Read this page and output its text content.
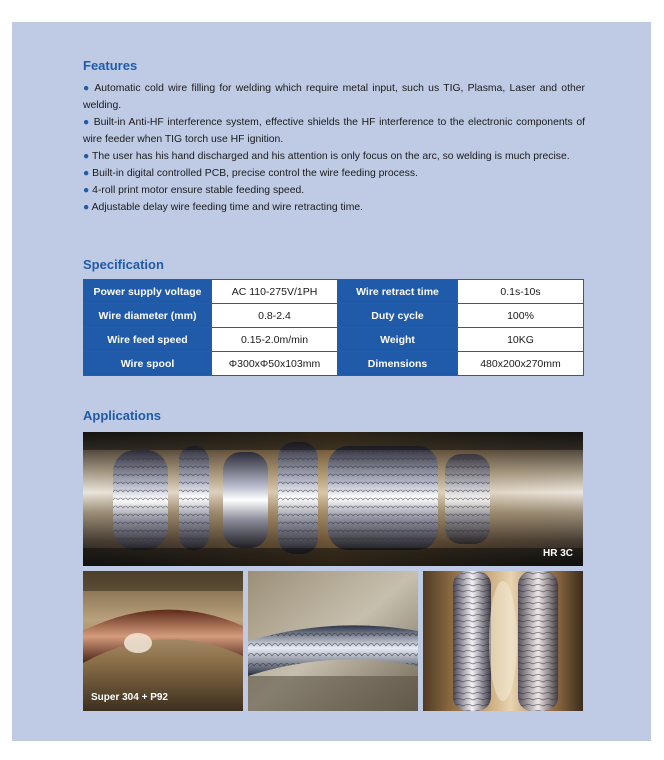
Features

● Automatic cold wire filling for welding which require metal input, such us TIG, Plasma, Laser and other welding.

● Built-in Anti-HF interference system, effective shields the HF interference to the electronic components of wire feeder when TIG torch use HF ignition.

● The user has his hand discharged and his attention is only focus on the arc, so welding is much precise.

● Built-in digital controlled PCB, precise control the wire feeding process.

● 4-roll print motor ensure stable feeding speed.

● Adjustable delay wire feeding time and wire retracting time.

Specification
Power supply voltage	AC 110-275V/1PH	Wire retract time	0.1s-10s
Wire diameter (mm)	0.8-2.4	Duty cycle	100%
Wire feed speed	0.15-2.0m/min	Weight	10KG
Wire spool	Φ300xΦ50x103mm	Dimensions	480x200x270mm
Applications
HR 3C
Super 304 + P92
